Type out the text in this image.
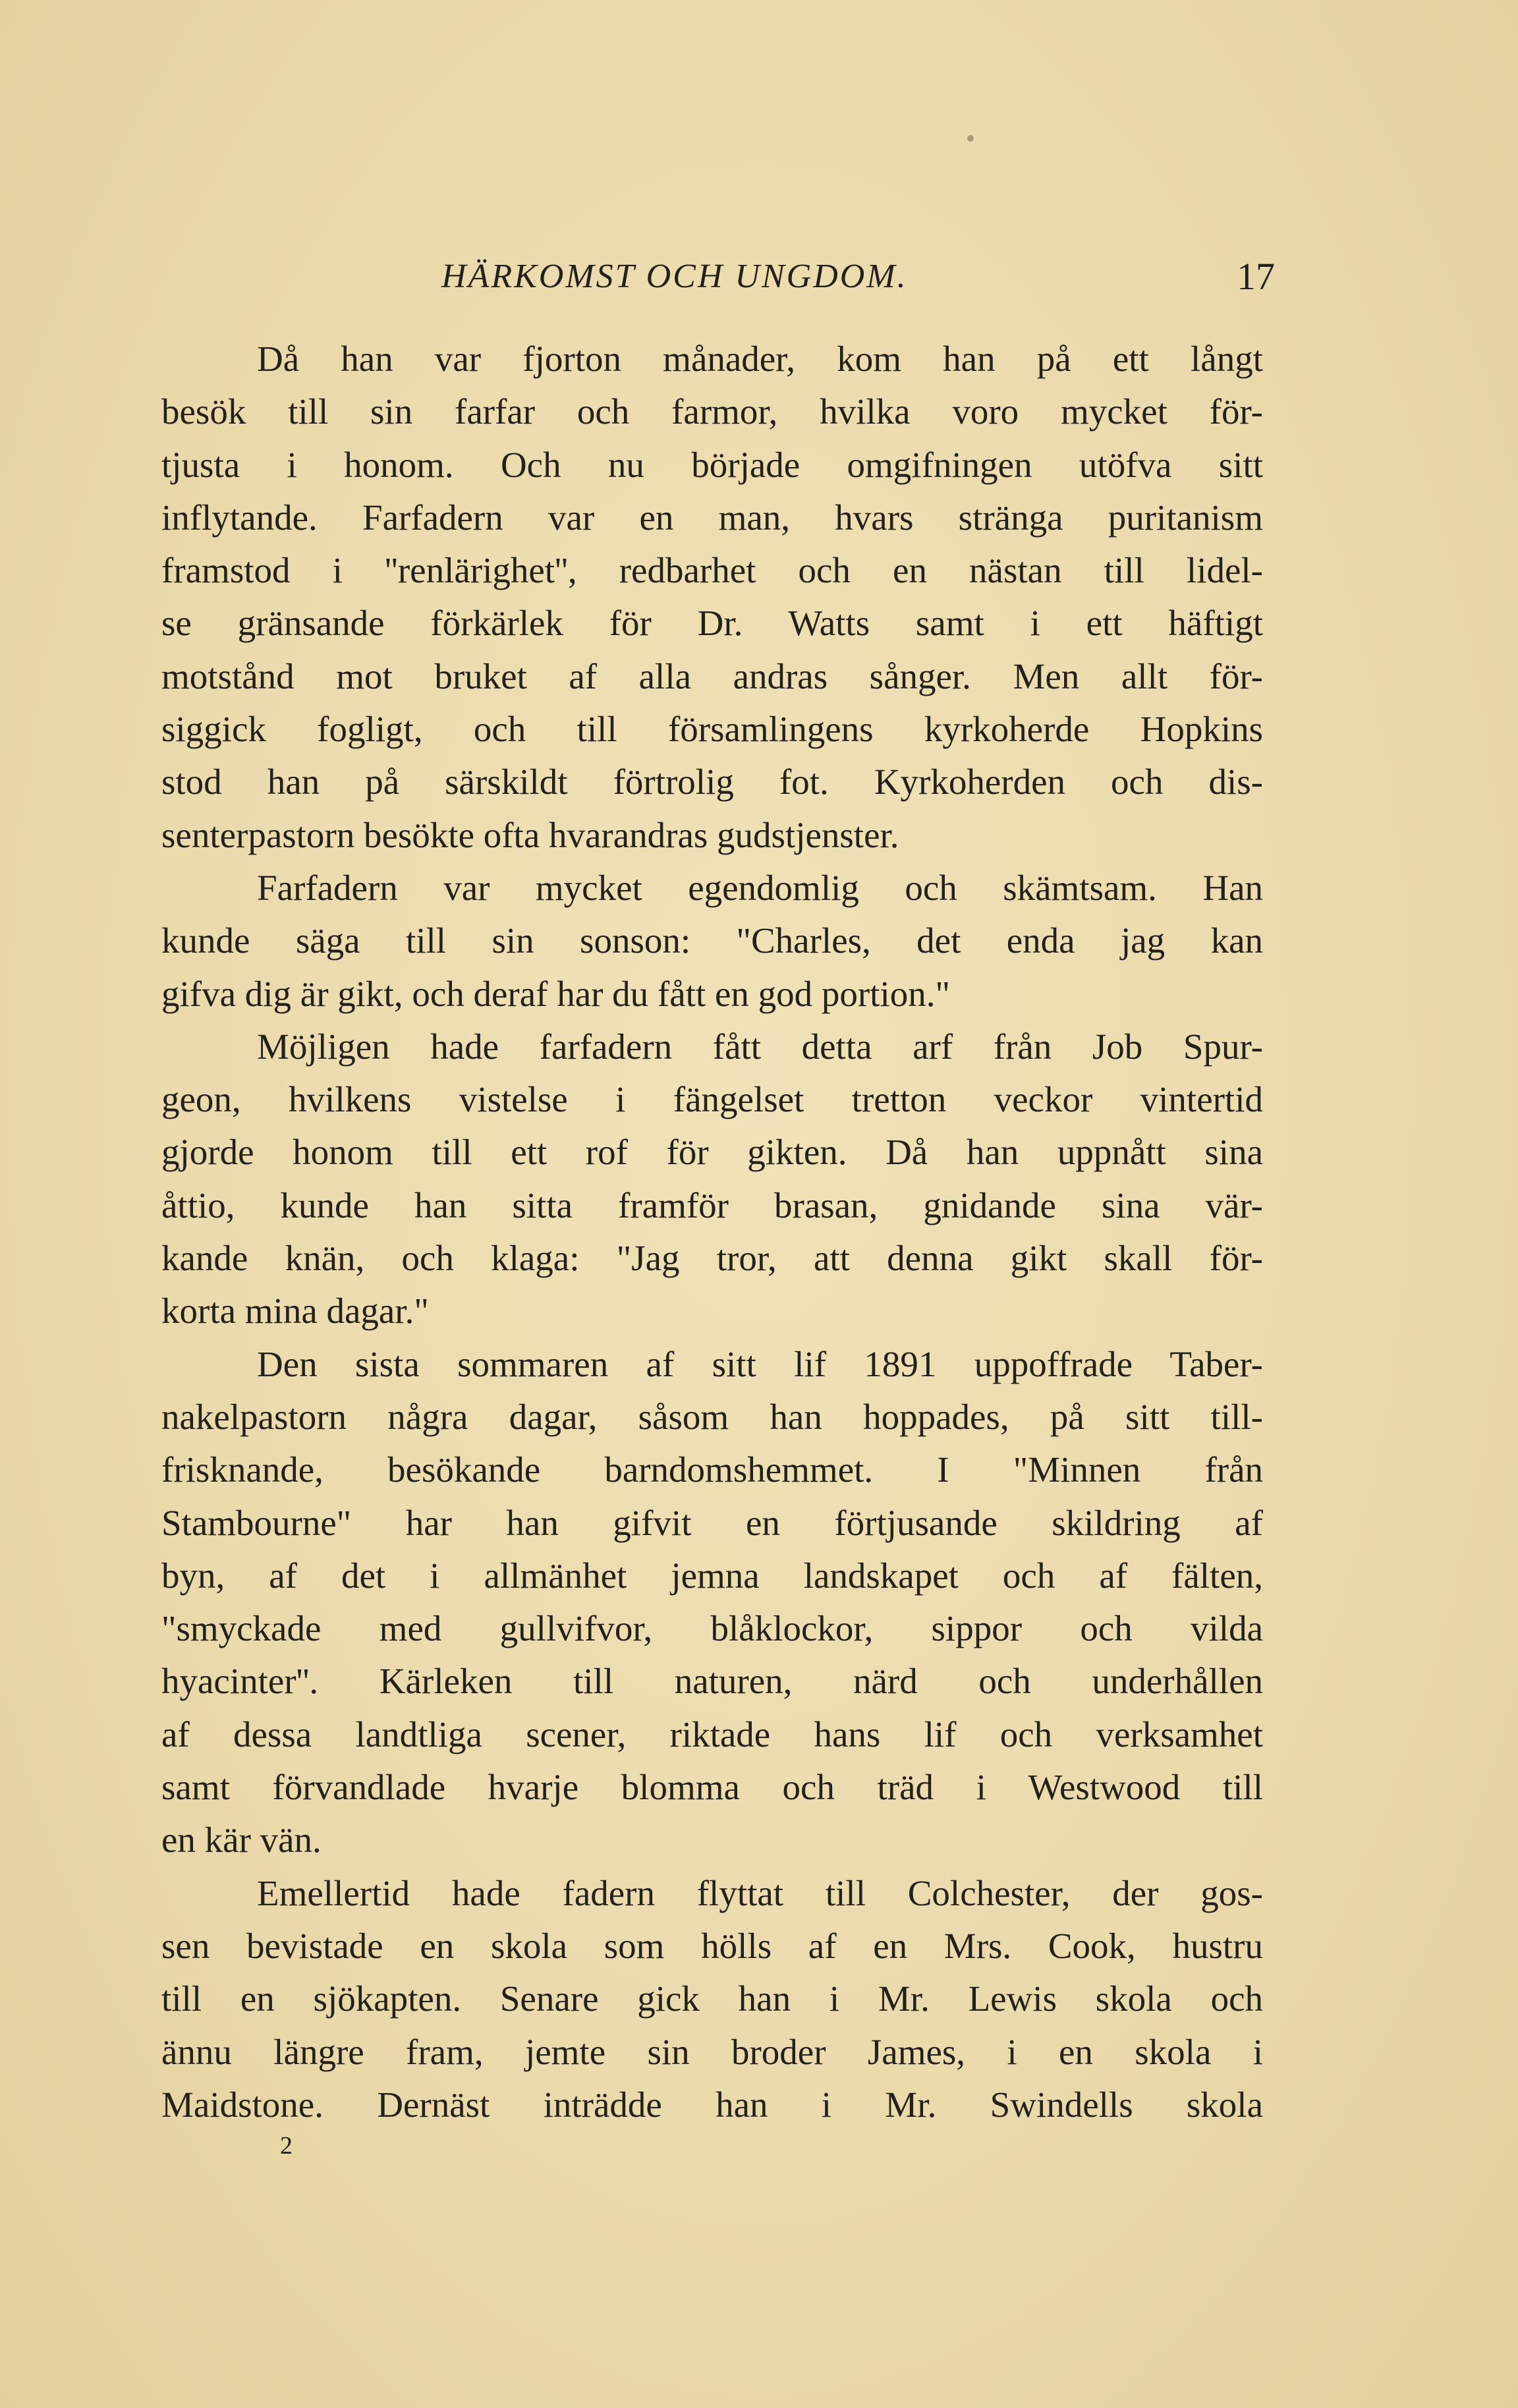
HÄRKOMST OCH UNGDOM.	17
Då han var fjorton månader, kom han på ett långt
besök till sin farfar och farmor, hvilka voro mycket för-
tjusta i honom. Och nu började omgifningen utöfva sitt
inflytande. Farfadern var en man, hvars stränga puritanism
framstod i ''renlärighet'', redbarhet och en nästan till lidel-
se gränsande förkärlek för Dr. Watts samt i ett häftigt
motstånd mot bruket af alla andras sånger. Men allt för-
siggick fogligt, och till församlingens kyrkoherde Hopkins
stod han på särskildt förtrolig fot. Kyrkoherden och dis-
senterpastorn besökte ofta hvarandras gudstjenster.
Farfadern var mycket egendomlig och skämtsam. Han
kunde säga till sin sonson: "Charles, det enda jag kan
gifva dig är gikt, och deraf har du fått en god portion."
Möjligen hade farfadern fått detta arf från Job Spur-
geon, hvilkens vistelse i fängelset tretton veckor vintertid
gjorde honom till ett rof för gikten. Då han uppnått sina
åttio, kunde han sitta framför brasan, gnidande sina vär-
kande knän, och klaga: "Jag tror, att denna gikt skall för-
korta mina dagar."
Den sista sommaren af sitt lif 1891 uppoffrade Taber-
nakelpastorn några dagar, såsom han hoppades, på sitt till-
frisknande, besökande barndomshemmet. I "Minnen från
Stambourne" har han gifvit en förtjusande skildring af
byn, af det i allmänhet jemna landskapet och af fälten,
"smyckade med gullvifvor, blåklockor, sippor och vilda
hyacinter''. Kärleken till naturen, närd och underhållen
af dessa landtliga scener, riktade hans lif och verksamhet
samt förvandlade hvarje blomma och träd i Westwood till
en kär vän.
Emellertid hade fadern flyttat till Colchester, der gos-
sen bevistade en skola som hölls af en Mrs. Cook, hustru
till en sjökapten. Senare gick han i Mr. Lewis skola och
ännu längre fram, jemte sin broder James, i en skola i
Maidstone. Dernäst inträdde han i Mr. Swindells skola
2
